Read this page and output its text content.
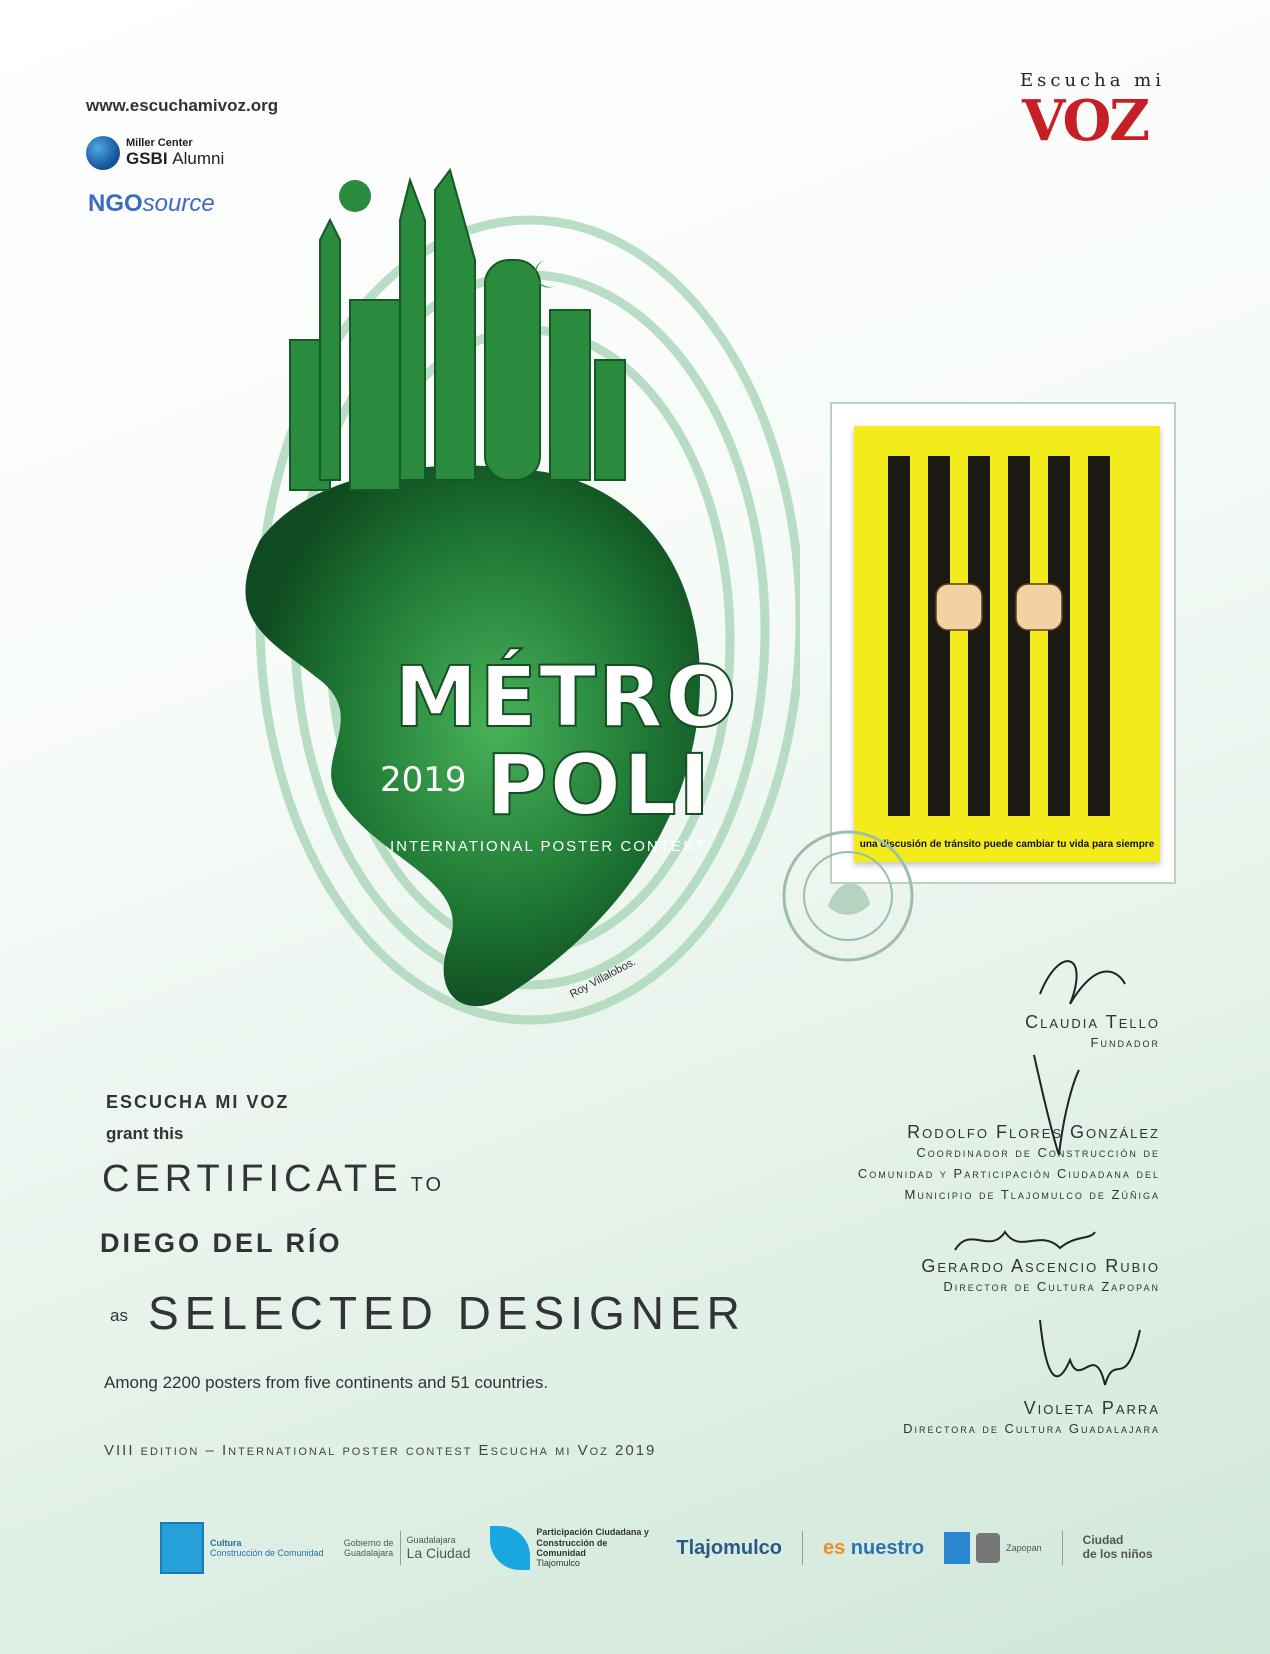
www.escuchamivoz.org
Miller Center
GSBI Alumni
NGOsource
Escucha mi
VOZ
MÉTRO
2019 POLI
INTERNATIONAL POSTER CONTEST
Roy Villalobos.
una discusión de tránsito puede cambiar tu vida para siempre
ESCUCHA MI VOZ
grant this
CERTIFICATE TO
DIEGO DEL RÍO
as SELECTED DESIGNER
Among 2200 posters from five continents and 51 countries.
VIII edition – International poster contest Escucha mi Voz 2019
Claudia Tello
Fundador
Rodolfo Flores González
Coordinador de Construcción de
Comunidad y Participación Ciudadana del
Municipio de Tlajomulco de Zúñiga
Gerardo Ascencio Rubio
Director de Cultura Zapopan
Violeta Parra
Directora de Cultura Guadalajara
Cultura
Construcción de Comunidad
Gobierno de Guadalajara
Guadalajara
La Ciudad
Participación Ciudadana y Construcción de Comunidad
Tlajomulco
Tlajomulco es nuestro	Zapopan
Ciudad
de los niños
